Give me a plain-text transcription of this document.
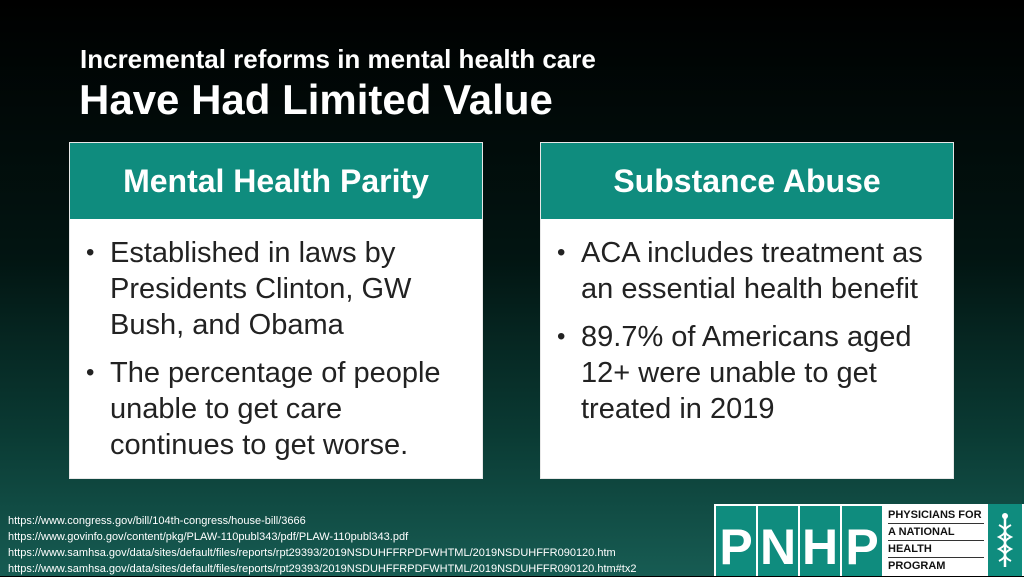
Incremental reforms in mental health care
Have Had Limited Value
Mental Health Parity
• Established in laws by Presidents Clinton, GW Bush, and Obama
• The percentage of people unable to get care continues to get worse.
Substance Abuse
• ACA includes treatment as an essential health benefit
• 89.7% of Americans aged 12+ were unable to get treated in 2019
https://www.congress.gov/bill/104th-congress/house-bill/3666
https://www.govinfo.gov/content/pkg/PLAW-110publ343/pdf/PLAW-110publ343.pdf
https://www.samhsa.gov/data/sites/default/files/reports/rpt29393/2019NSDUHFFRPDFWHTML/2019NSDUHFFR090120.htm
https://www.samhsa.gov/data/sites/default/files/reports/rpt29393/2019NSDUHFFRPDFWHTML/2019NSDUHFFR090120.htm#tx2 P N H P
PHYSICIANS FOR
A NATIONAL
HEALTH
PROGRAM
